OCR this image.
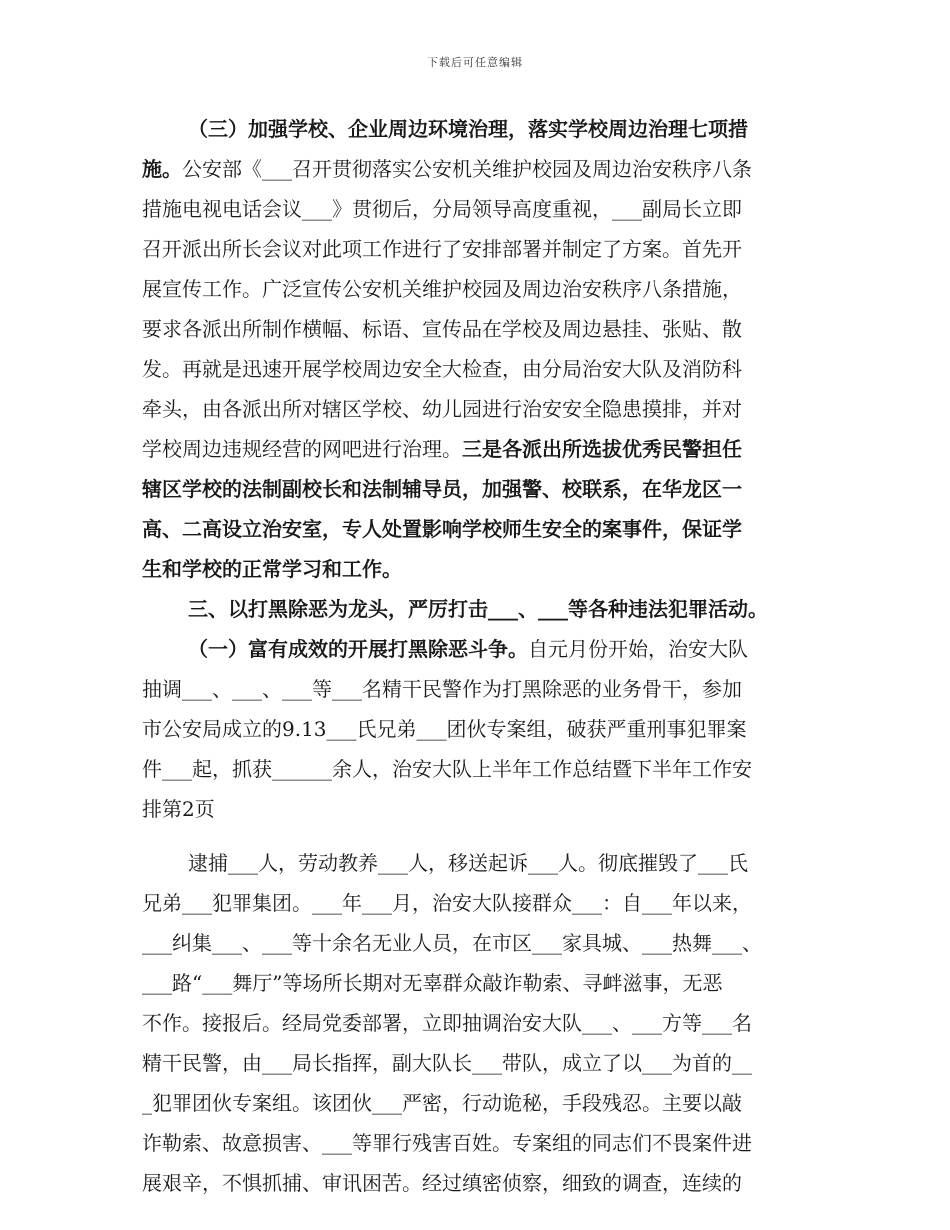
下载后可任意编辑
（三）加强学校、企业周边环境治理，落实学校周边治理七项措
施。公安部《___召开贯彻落实公安机关维护校园及周边治安秩序八条
措施电视电话会议___》贯彻后，分局领导高度重视，___副局长立即
召开派出所长会议对此项工作进行了安排部署并制定了方案。首先开
展宣传工作。广泛宣传公安机关维护校园及周边治安秩序八条措施，
要求各派出所制作横幅、标语、宣传品在学校及周边悬挂、张贴、散
发。再就是迅速开展学校周边安全大检查，由分局治安大队及消防科
牵头，由各派出所对辖区学校、幼儿园进行治安安全隐患摸排，并对
学校周边违规经营的网吧进行治理。三是各派出所选拔优秀民警担任
辖区学校的法制副校长和法制辅导员，加强警、校联系，在华龙区一
高、二高设立治安室，专人处置影响学校师生安全的案事件，保证学
生和学校的正常学习和工作。
三、以打黑除恶为龙头，严厉打击___、___等各种违法犯罪活动。
（一）富有成效的开展打黑除恶斗争。自元月份开始，治安大队
抽调___、___、___等___名精干民警作为打黑除恶的业务骨干，参加
市公安局成立的9.13___氏兄弟___团伙专案组，破获严重刑事犯罪案
件___起，抓获______余人，治安大队上半年工作总结暨下半年工作安
排第2页
逮捕___人，劳动教养___人，移送起诉___人。彻底摧毁了___氏
兄弟___犯罪集团。___年___月，治安大队接群众___：自___年以来，
___纠集___、___等十余名无业人员，在市区___家具城、___热舞___、
___路“___舞厅”等场所长期对无辜群众敲诈勒索、寻衅滋事，无恶
不作。接报后。经局党委部署，立即抽调治安大队___、___方等___名
精干民警，由___局长指挥，副大队长___带队，成立了以___为首的__
_犯罪团伙专案组。该团伙___严密，行动诡秘，手段残忍。主要以敲
诈勒索、故意损害、___等罪行残害百姓。专案组的同志们不畏案件进
展艰辛，不惧抓捕、审讯困苦。经过缜密侦察，细致的调查，连续的
